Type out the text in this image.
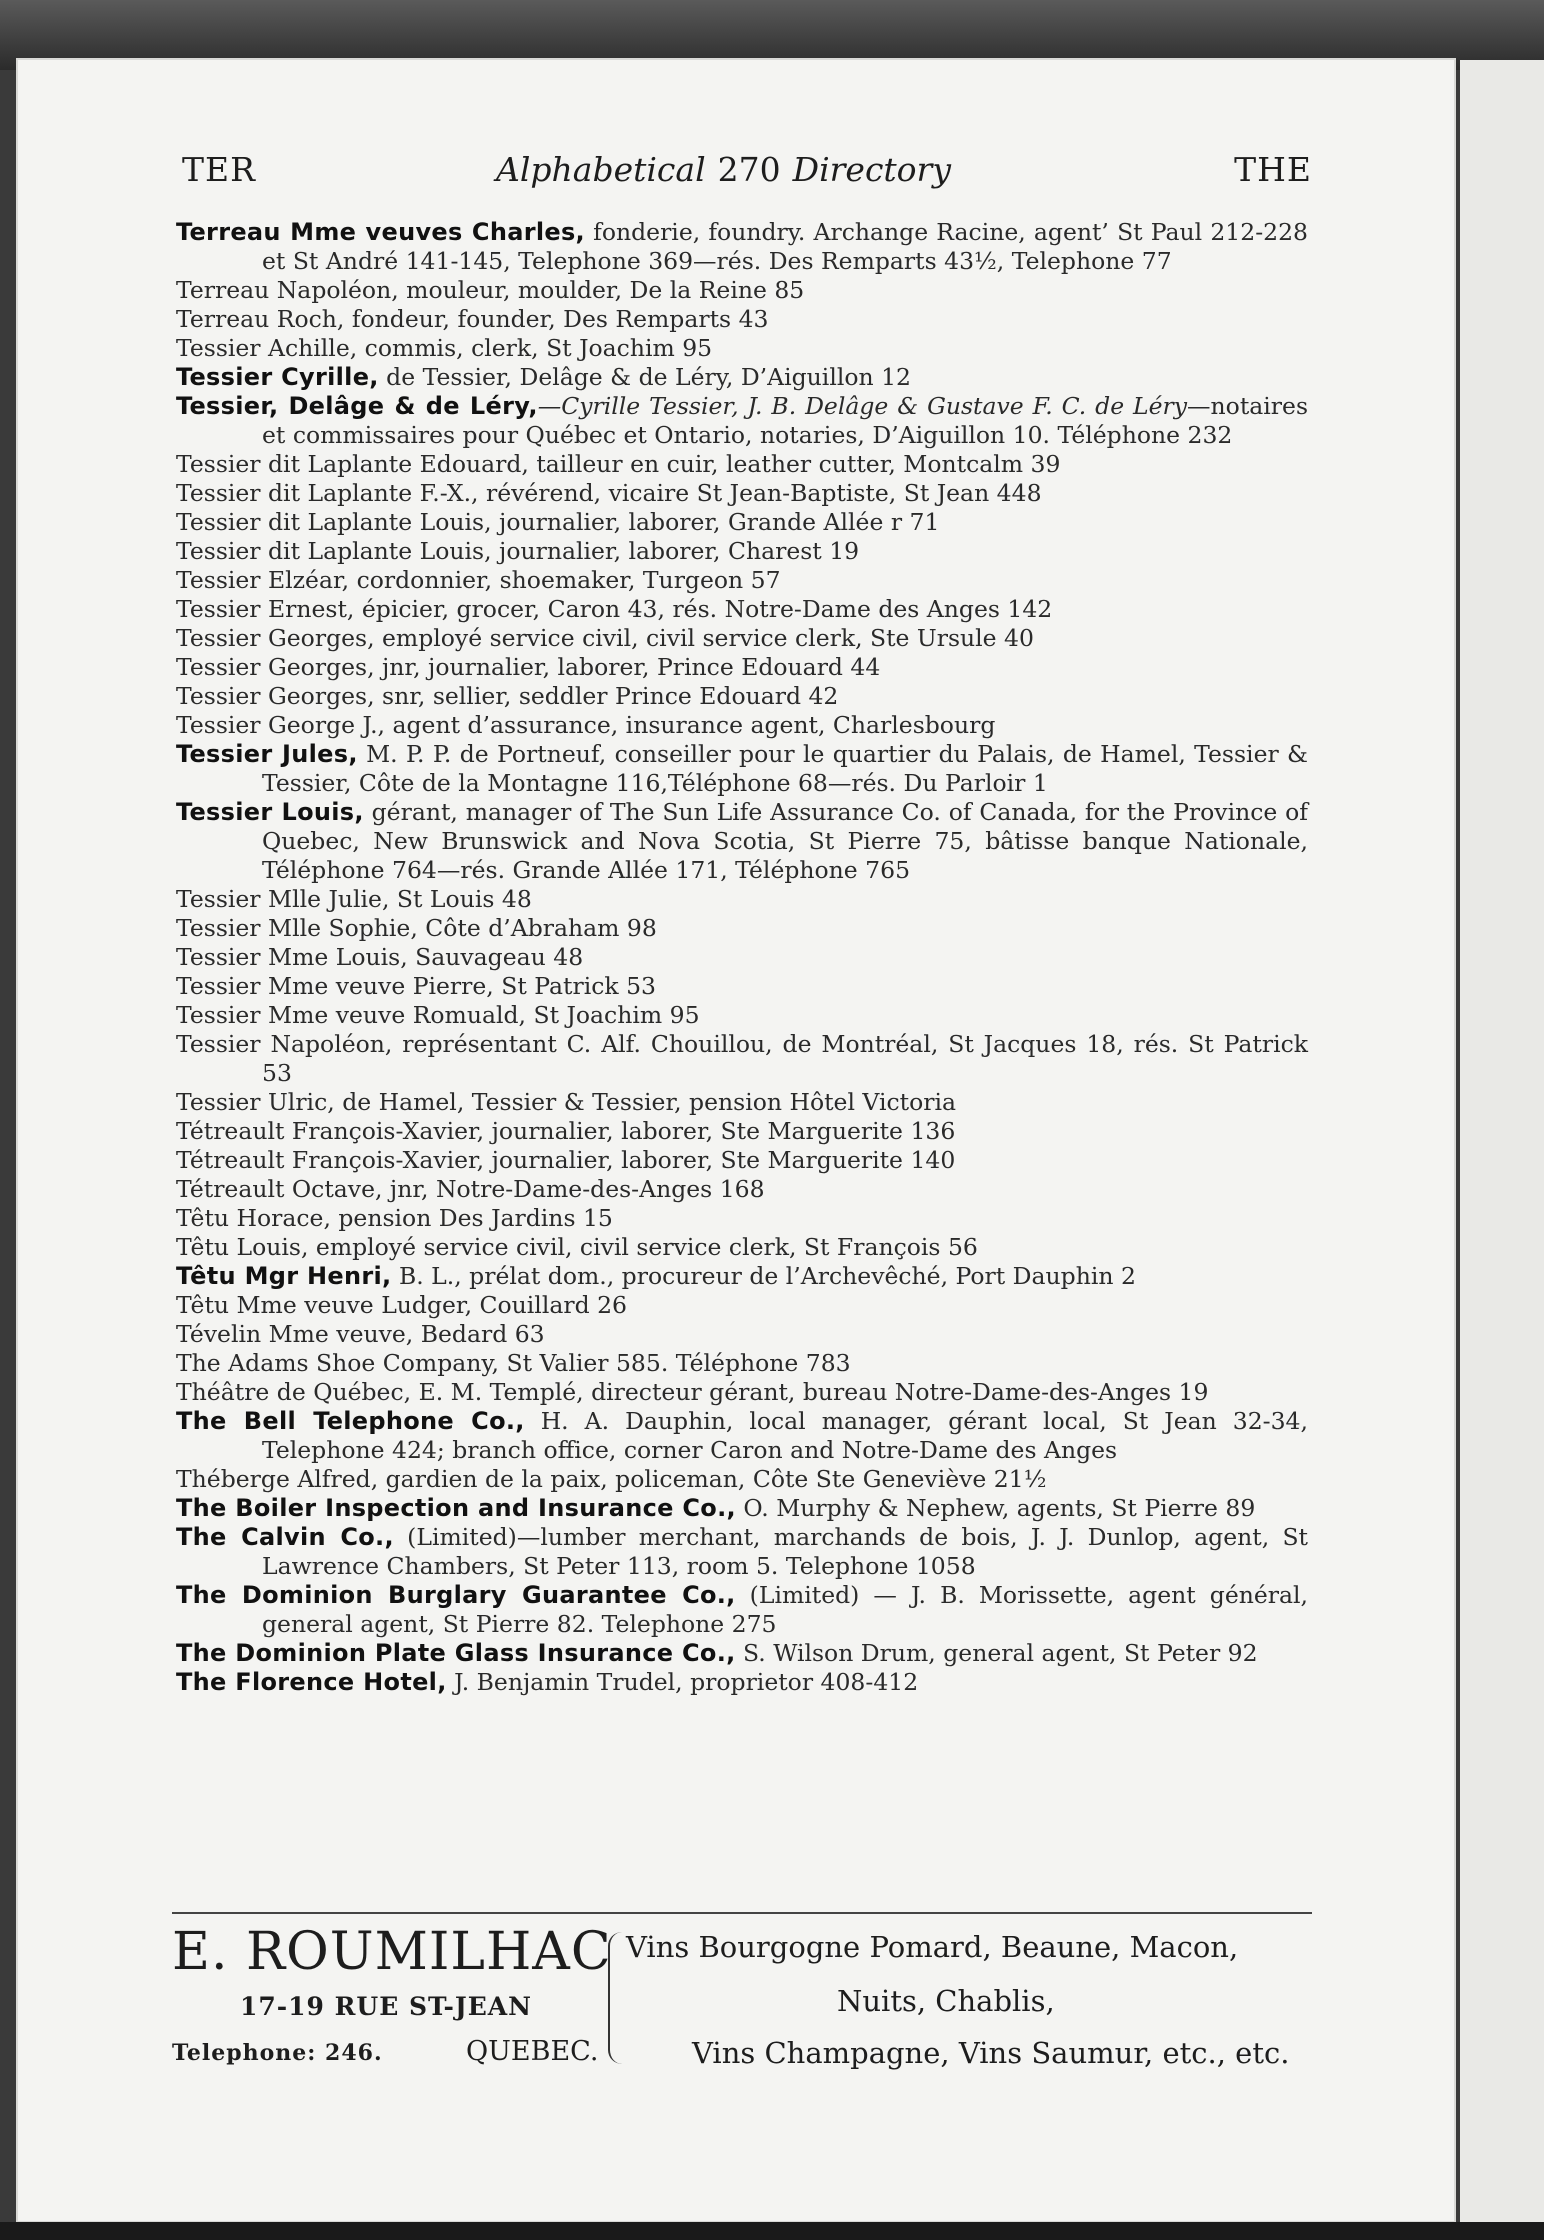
TER	Alphabetical 270 Directory	THE
Terreau Mme veuves Charles, fonderie, foundry. Archange Racine, agent’ St Paul 212-228 et St André 141-145, Telephone 369—rés. Des Remparts 43½, Telephone 77
Terreau Napoléon, mouleur, moulder, De la Reine 85
Terreau Roch, fondeur, founder, Des Remparts 43
Tessier Achille, commis, clerk, St Joachim 95
Tessier Cyrille, de Tessier, Delâge & de Léry, D’Aiguillon 12
Tessier, Delâge & de Léry,—Cyrille Tessier, J. B. Delâge & Gustave F. C. de Léry—notaires et commissaires pour Québec et Ontario, notaries, D’Aiguillon 10. Téléphone 232
Tessier dit Laplante Edouard, tailleur en cuir, leather cutter, Montcalm 39
Tessier dit Laplante F.-X., révérend, vicaire St Jean-Baptiste, St Jean 448
Tessier dit Laplante Louis, journalier, laborer, Grande Allée r 71
Tessier dit Laplante Louis, journalier, laborer, Charest 19
Tessier Elzéar, cordonnier, shoemaker, Turgeon 57
Tessier Ernest, épicier, grocer, Caron 43, rés. Notre-Dame des Anges 142
Tessier Georges, employé service civil, civil service clerk, Ste Ursule 40
Tessier Georges, jnr, journalier, laborer, Prince Edouard 44
Tessier Georges, snr, sellier, seddler Prince Edouard 42
Tessier George J., agent d’assurance, insurance agent, Charlesbourg
Tessier Jules, M. P. P. de Portneuf, conseiller pour le quartier du Palais, de Hamel, Tessier & Tessier, Côte de la Montagne 116,Téléphone 68—rés. Du Parloir 1
Tessier Louis, gérant, manager of The Sun Life Assurance Co. of Canada, for the Province of Quebec, New Brunswick and Nova Scotia, St Pierre 75, bâtisse banque Nationale, Téléphone 764—rés. Grande Allée 171, Téléphone 765
Tessier Mlle Julie, St Louis 48
Tessier Mlle Sophie, Côte d’Abraham 98
Tessier Mme Louis, Sauvageau 48
Tessier Mme veuve Pierre, St Patrick 53
Tessier Mme veuve Romuald, St Joachim 95
Tessier Napoléon, représentant C. Alf. Chouillou, de Montréal, St Jacques 18, rés. St Patrick 53
Tessier Ulric, de Hamel, Tessier & Tessier, pension Hôtel Victoria
Tétreault François-Xavier, journalier, laborer, Ste Marguerite 136
Tétreault François-Xavier, journalier, laborer, Ste Marguerite 140
Tétreault Octave, jnr, Notre-Dame-des-Anges 168
Têtu Horace, pension Des Jardins 15
Têtu Louis, employé service civil, civil service clerk, St François 56
Têtu Mgr Henri, B. L., prélat dom., procureur de l’Archevêché, Port Dauphin 2
Têtu Mme veuve Ludger, Couillard 26
Tévelin Mme veuve, Bedard 63
The Adams Shoe Company, St Valier 585. Téléphone 783
Théâtre de Québec, E. M. Templé, directeur gérant, bureau Notre-Dame-des-Anges 19
The Bell Telephone Co., H. A. Dauphin, local manager, gérant local, St Jean 32-34, Telephone 424; branch office, corner Caron and Notre-Dame des Anges
Théberge Alfred, gardien de la paix, policeman, Côte Ste Geneviève 21½
The Boiler Inspection and Insurance Co., O. Murphy & Nephew, agents, St Pierre 89
The Calvin Co., (Limited)—lumber merchant, marchands de bois, J. J. Dunlop, agent, St Lawrence Chambers, St Peter 113, room 5. Telephone 1058
The Dominion Burglary Guarantee Co., (Limited) — J. B. Morissette, agent général, general agent, St Pierre 82. Telephone 275
The Dominion Plate Glass Insurance Co., S. Wilson Drum, general agent, St Peter 92
The Florence Hotel, J. Benjamin Trudel, proprietor 408-412
E. ROUMILHAC
17-19 RUE ST-JEAN
Telephone: 246.	QUEBEC.
Vins Bourgogne Pomard, Beaune, Macon,
Nuits, Chablis,
Vins Champagne, Vins Saumur, etc., etc.
